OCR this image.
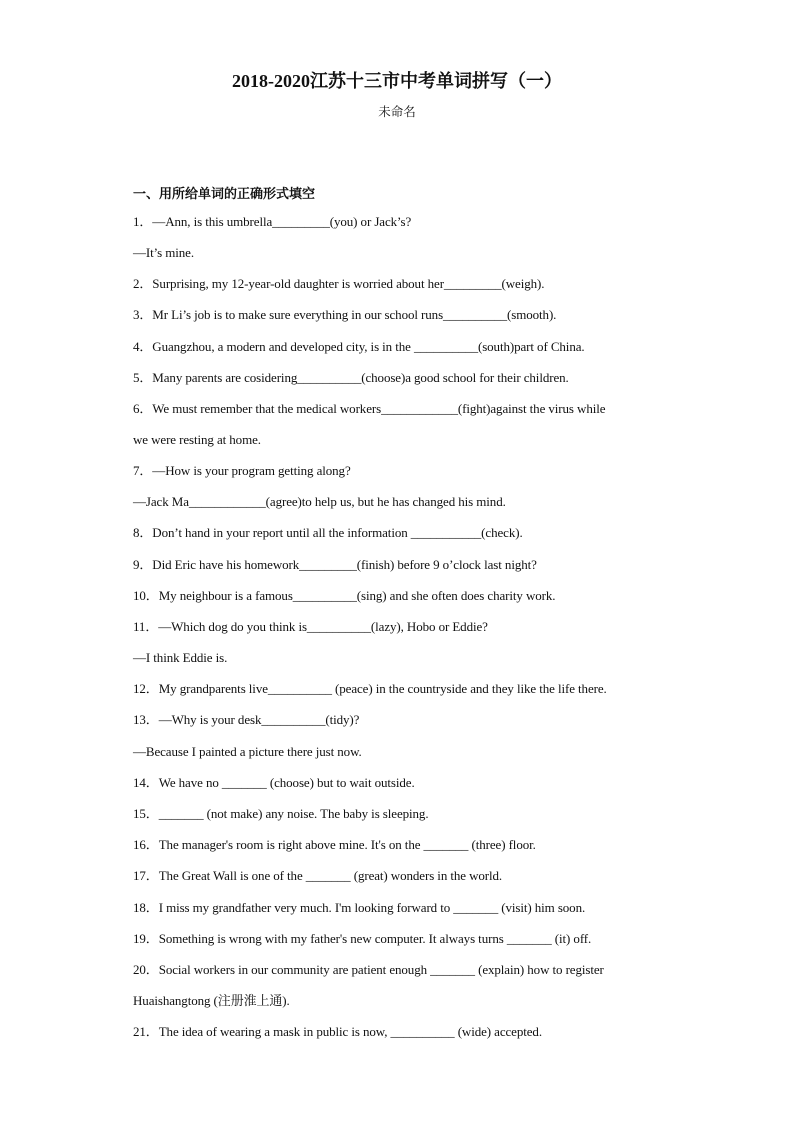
2018-2020江苏十三市中考单词拼写（一）
未命名
一、用所给单词的正确形式填空
1．—Ann, is this umbrella_________(you) or Jack’s?
—It’s mine.
2．Surprising, my 12-year-old daughter is worried about her_________(weigh).
3．Mr Li’s job is to make sure everything in our school runs__________(smooth).
4．Guangzhou, a modern and developed city, is in the __________(south)part of China.
5．Many parents are cosidering__________(choose)a good school for their children.
6．We must remember that the medical workers____________(fight)against the virus while
we were resting at home.
7．—How is your program getting along?
—Jack Ma____________(agree)to help us, but he has changed his mind.
8．Don’t hand in your report until all the information ___________(check).
9．Did Eric have his homework_________(finish) before 9 o’clock last night?
10．My neighbour is a famous__________(sing) and she often does charity work.
11．—Which dog do you think is__________(lazy), Hobo or Eddie?
—I think Eddie is.
12．My grandparents live__________ (peace) in the countryside and they like the life there.
13．—Why is your desk__________(tidy)?
—Because I painted a picture there just now.
14．We have no _______ (choose) but to wait outside.
15．_______ (not make) any noise. The baby is sleeping.
16．The manager's room is right above mine. It's on the _______ (three) floor.
17．The Great Wall is one of the _______ (great) wonders in the world.
18．I miss my grandfather very much. I'm looking forward to _______ (visit) him soon.
19．Something is wrong with my father's new computer. It always turns _______ (it) off.
20．Social workers in our community are patient enough _______ (explain) how to register
Huaishangtong (注册淮上通).
21．The idea of wearing a mask in public is now, __________ (wide) accepted.
